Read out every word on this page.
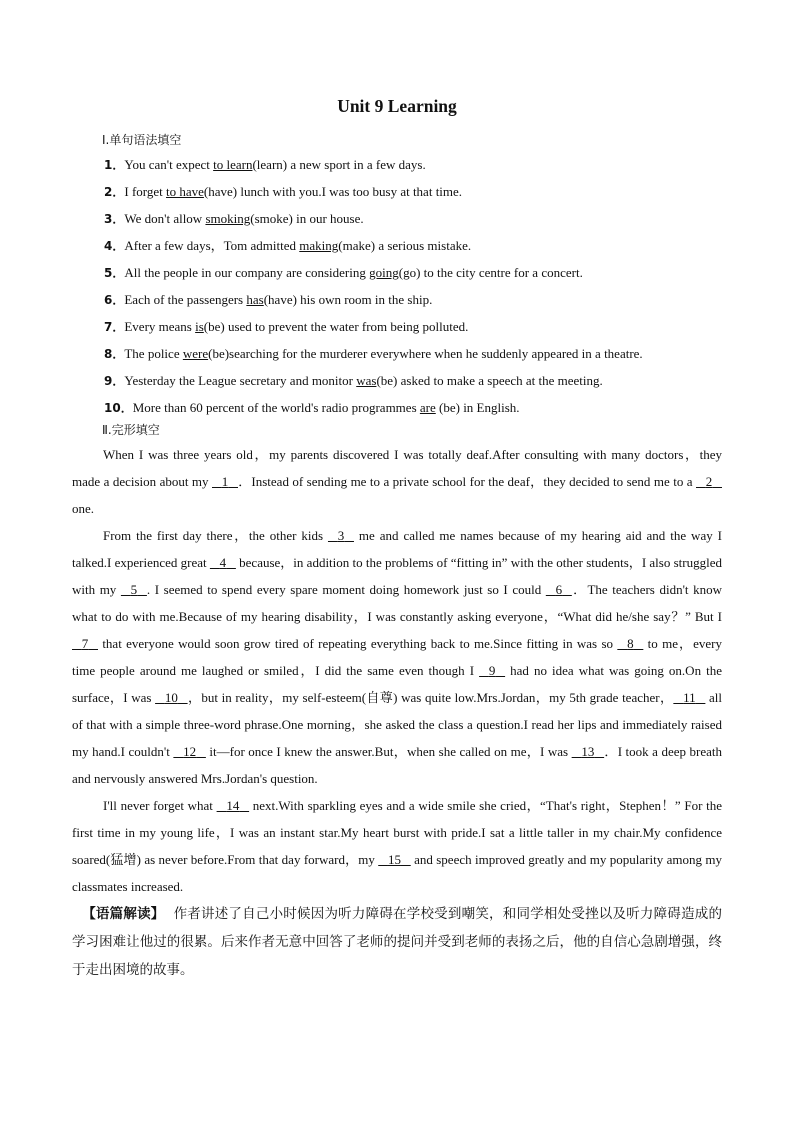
Unit 9 Learning
Ⅰ.单句语法填空
1．You can't expect to learn(learn) a new sport in a few days.
2．I forget to have(have) lunch with you.I was too busy at that time.
3．We don't allow smoking(smoke) in our house.
4．After a few days，Tom admitted making(make) a serious mistake.
5．All the people in our company are considering going(go) to the city centre for a concert.
6．Each of the passengers has(have) his own room in the ship.
7．Every means is(be) used to prevent the water from being polluted.
8．The police were(be)searching for the murderer everywhere when he suddenly appeared in a theatre.
9．Yesterday the League secretary and monitor was(be) asked to make a speech at the meeting.
10．More than 60 percent of the world's radio programmes are (be) in English.
Ⅱ.完形填空

When I was three years old，my parents discovered I was totally deaf.After consulting with many doctors，they made a decision about my    1 ．Instead of sending me to a private school for the deaf，they decided to send me to a    2    one.

From the first day there，the other kids    3    me and called me names because of my hearing aid and the way I talked.I experienced great    4    because，in addition to the problems of “fitting in” with the other students，I also struggled with my    5 . I seemed to spend every spare moment doing homework just so I could    6 ．The teachers didn't know what to do with me.Because of my hearing disability，I was constantly asking everyone，“What did he/she say？” But I    7    that everyone would soon grow tired of repeating everything back to me.Since fitting in was so    8    to me，every time people around me laughed or smiled，I did the same even though I    9    had no idea what was going on.On the surface，I was    10 ，but in reality，my self-esteem(自尊) was quite low.Mrs.Jordan，my 5th grade teacher， 11    all of that with a simple three-word phrase.One morning，she asked the class a question.I read her lips and immediately raised my hand.I couldn't    12    it—for once I knew the answer.But，when she called on me，I was    13 ．I took a deep breath and nervously answered Mrs.Jordan's question.

I'll never forget what    14    next.With sparkling eyes and a wide smile she cried，“That's right，Stephen！” For the first time in my young life，I was an instant star.My heart burst with pride.I sat a little taller in my chair.My confidence soared(猛增) as never before.From that day forward，my    15    and speech improved greatly and my popularity among my classmates increased.

【语篇解读】 作者讲述了自己小时候因为听力障碍在学校受到嘲笑，和同学相处受挫以及听力障碍造成的学习困难让他过的很累。后来作者无意中回答了老师的提问并受到老师的表扬之后，他的自信心急剧增强，终于走出困境的故事。
